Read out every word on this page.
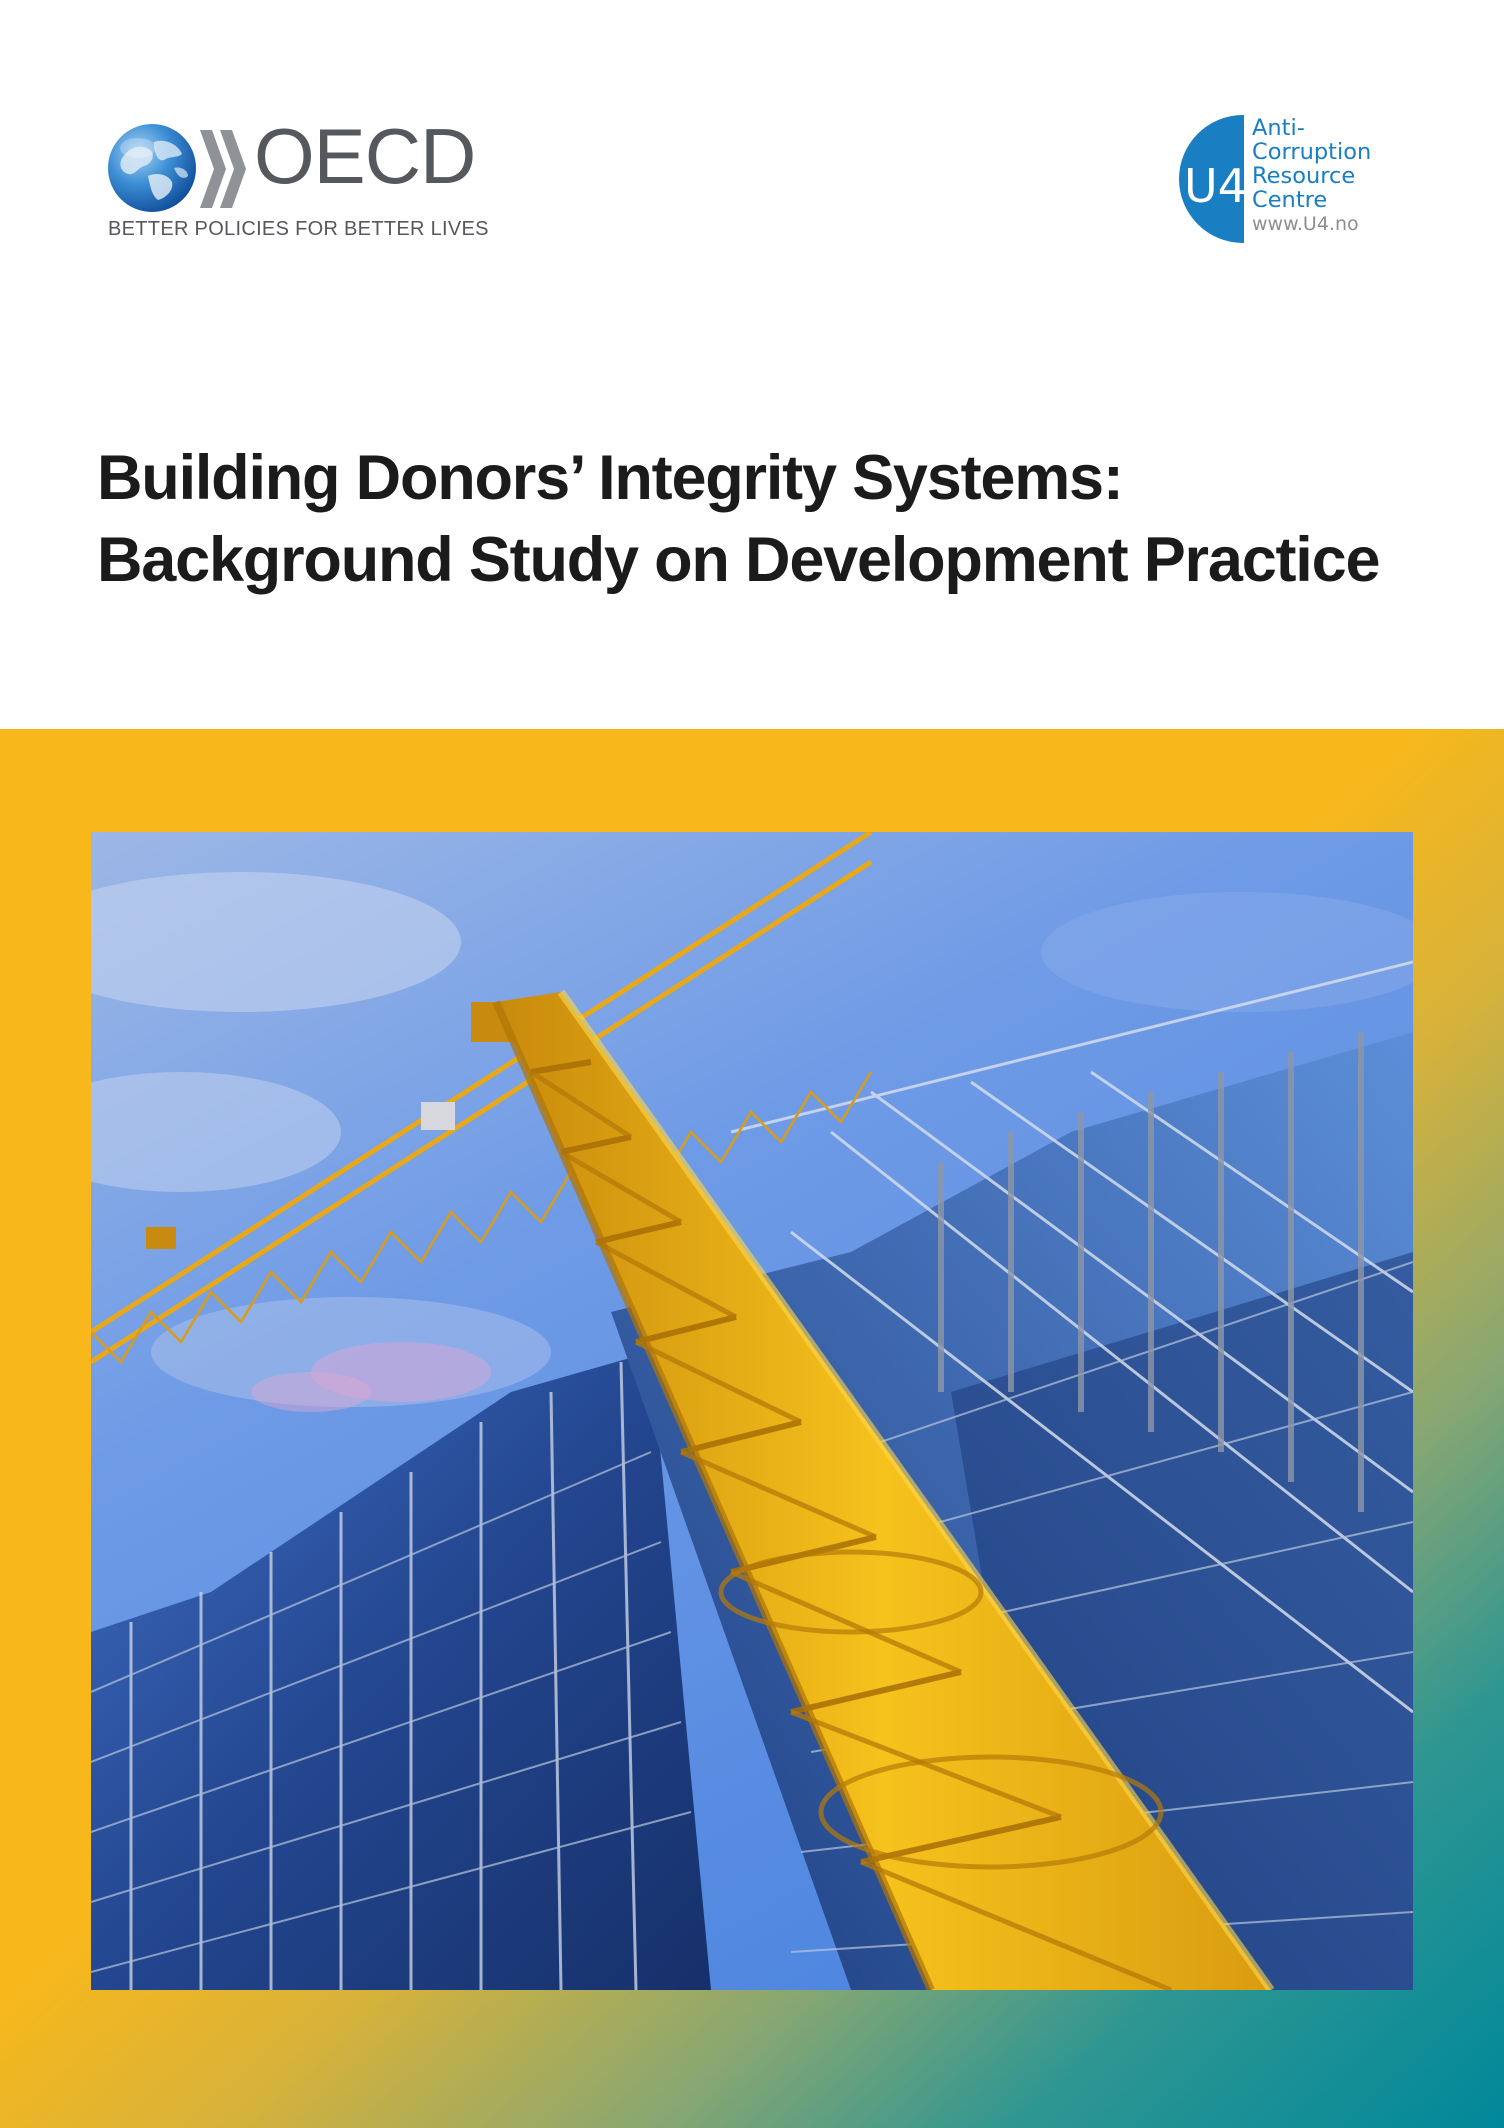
OECD
BETTER POLICIES FOR BETTER LIVES
U4
Anti-
Corruption
Resource
Centre
www.U4.no
Building Donors’ Integrity Systems:
Background Study on Development Practice
